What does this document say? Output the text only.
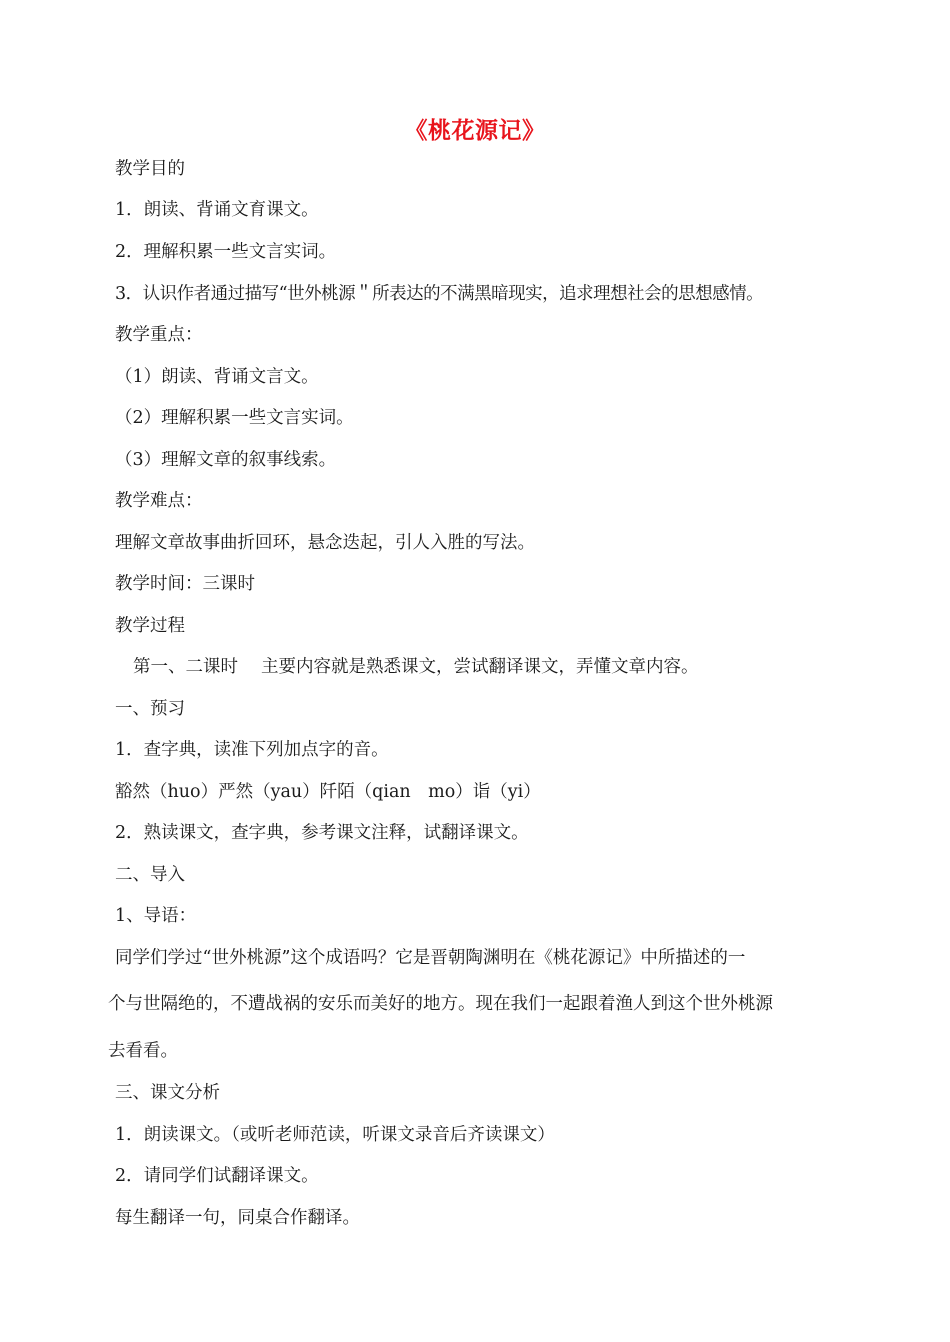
《桃花源记》
教学目的
1．朗读、背诵文育课文。
2．理解积累一些文言实词。
3．认识作者通过描写“世外桃源＂所表达的不满黑暗现实，追求理想社会的思想感情。
教学重点：
（1）朗读、背诵文言文。
（2）理解积累一些文言实词。
（3）理解文章的叙事线索。
教学难点：
理解文章故事曲折回环，悬念迭起，引人入胜的写法。
教学时间：三课时
教学过程
第一、二课时　 主要内容就是熟悉课文，尝试翻译课文，弄懂文章内容。
一、预习
1．查字典，读准下列加点字的音。
豁然（huo）严然（yau）阡陌（qian　mo）诣（yi）
2．熟读课文，查字典，参考课文注释，试翻译课文。
二、导入
1、导语：
同学们学过“世外桃源”这个成语吗？它是晋朝陶渊明在《桃花源记》中所描述的一
个与世隔绝的，不遭战祸的安乐而美好的地方。现在我们一起跟着渔人到这个世外桃源
去看看。
三、课文分析
1．朗读课文。（或听老师范读，听课文录音后齐读课文）
2．请同学们试翻译课文。
每生翻译一句，同桌合作翻译。
